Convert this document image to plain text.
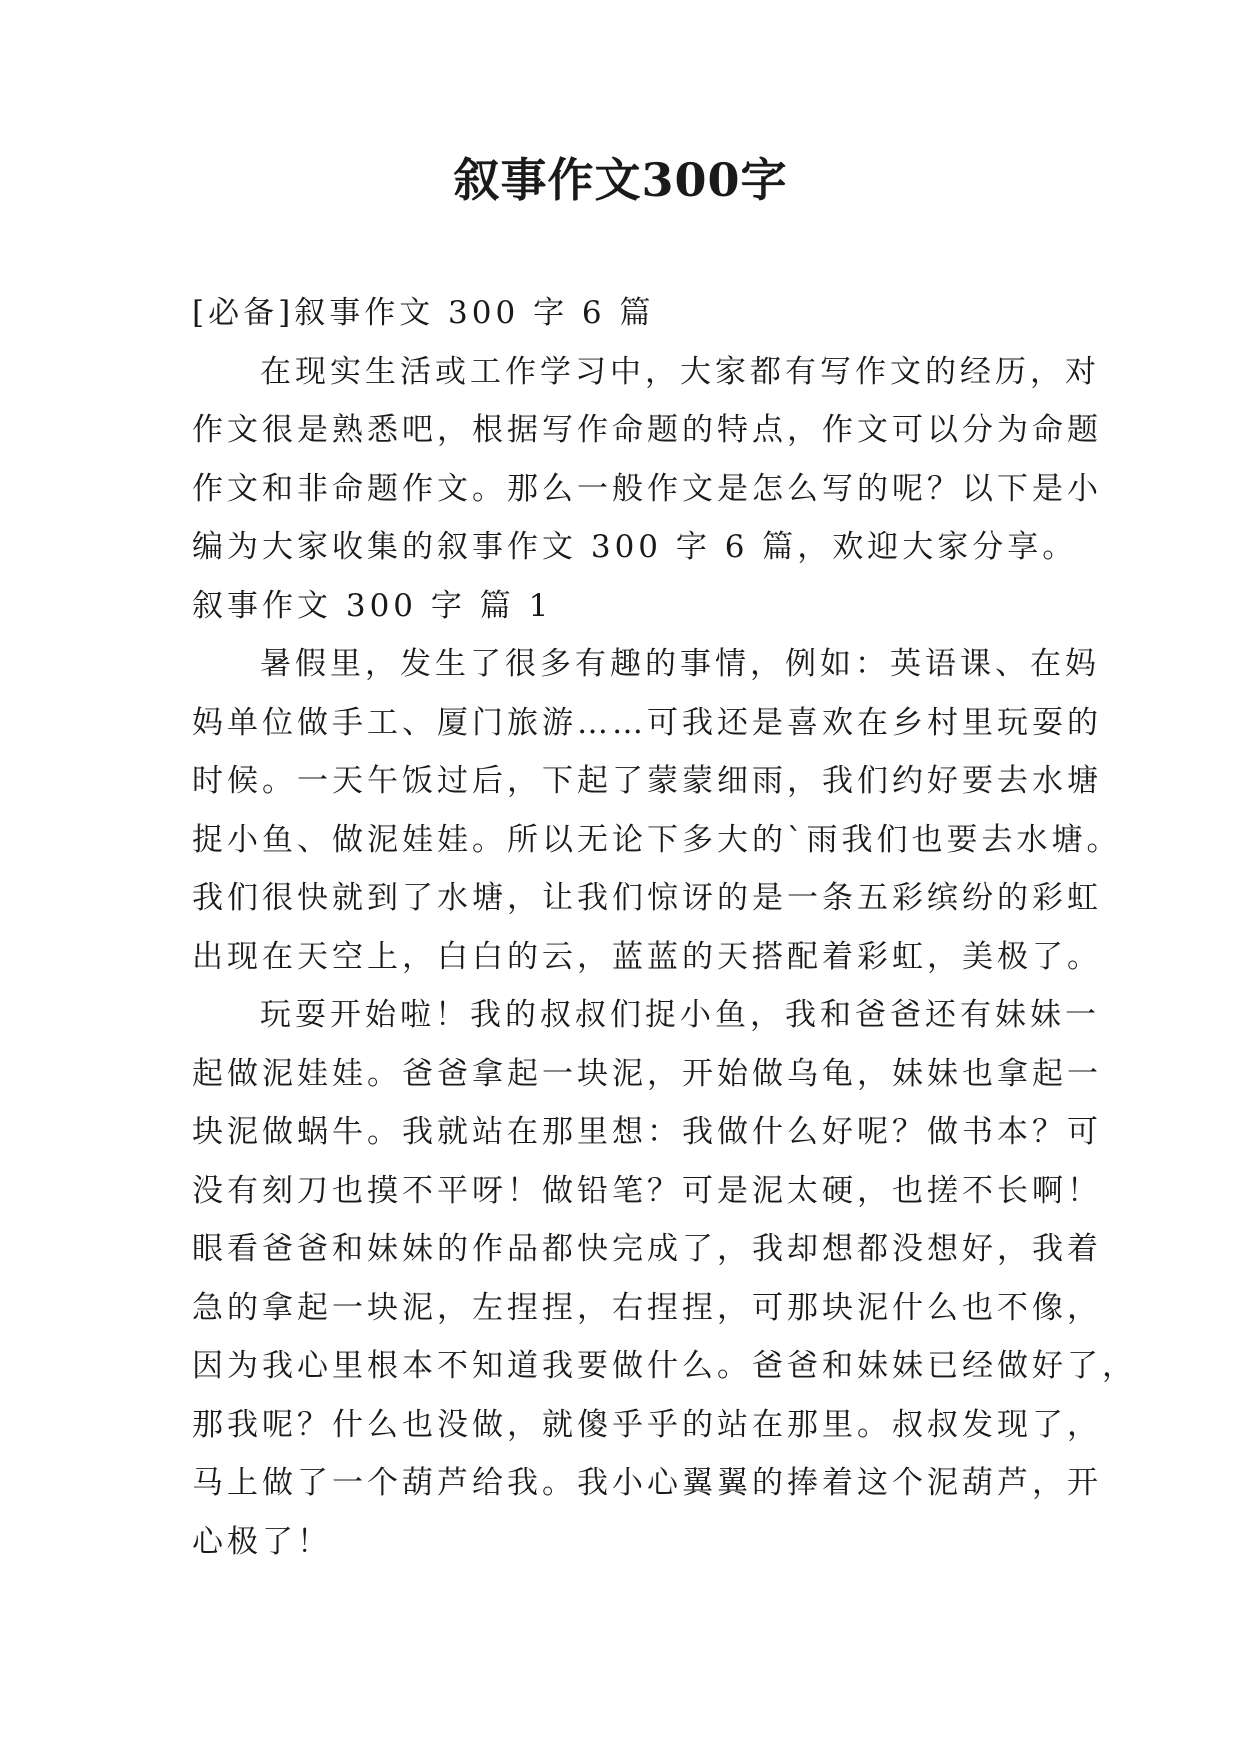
叙事作文300字

[必备]叙事作文 300 字 6 篇

在现实生活或工作学习中，大家都有写作文的经历，对

作文很是熟悉吧，根据写作命题的特点，作文可以分为命题

作文和非命题作文。那么一般作文是怎么写的呢？以下是小

编为大家收集的叙事作文 300 字 6 篇，欢迎大家分享。

叙事作文 300 字 篇 1

暑假里，发生了很多有趣的事情，例如：英语课、在妈

妈单位做手工、厦门旅游……可我还是喜欢在乡村里玩耍的

时候。一天午饭过后，下起了蒙蒙细雨，我们约好要去水塘

捉小鱼、做泥娃娃。所以无论下多大的`雨我们也要去水塘。

我们很快就到了水塘，让我们惊讶的是一条五彩缤纷的彩虹

出现在天空上，白白的云，蓝蓝的天搭配着彩虹，美极了。

玩耍开始啦！我的叔叔们捉小鱼，我和爸爸还有妹妹一

起做泥娃娃。爸爸拿起一块泥，开始做乌龟，妹妹也拿起一

块泥做蜗牛。我就站在那里想：我做什么好呢？做书本？可

没有刻刀也摸不平呀！做铅笔？可是泥太硬，也搓不长啊！

眼看爸爸和妹妹的作品都快完成了，我却想都没想好，我着

急的拿起一块泥，左捏捏，右捏捏，可那块泥什么也不像，

因为我心里根本不知道我要做什么。爸爸和妹妹已经做好了，

那我呢？什么也没做，就傻乎乎的站在那里。叔叔发现了，

马上做了一个葫芦给我。我小心翼翼的捧着这个泥葫芦，开

心极了！
